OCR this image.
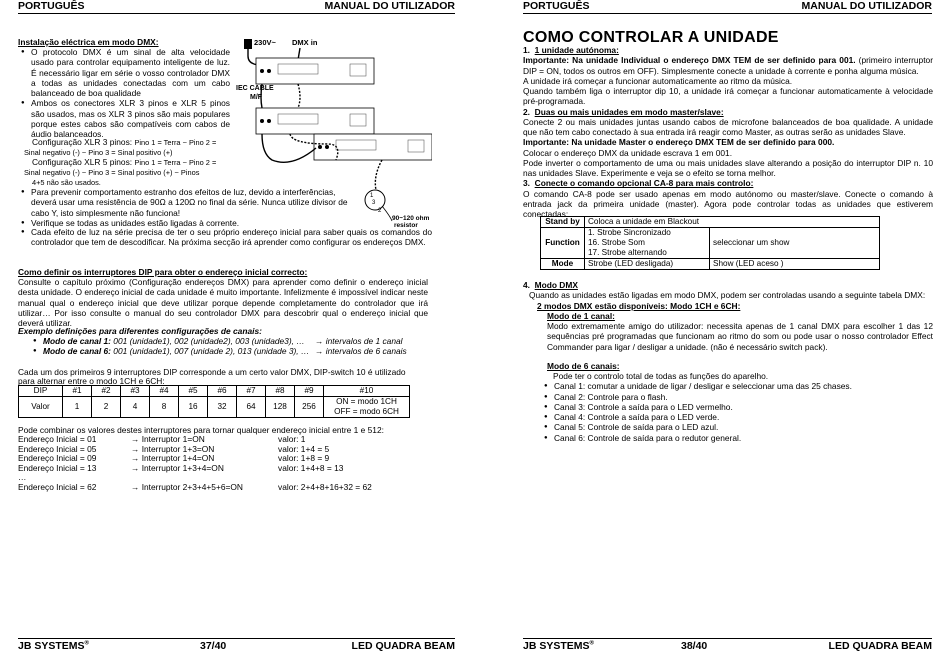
PORTUGUÊS	MANUAL DO UTILIZADOR

Instalação eléctrica em modo DMX:

● O protocolo DMX é um sinal de alta velocidade usado para controlar equipamento inteligente de luz. É necessário ligar em série o vosso controlador DMX a todas as unidades conectadas com um cabo balanceado de boa qualidade
● Ambos os conectores XLR 3 pinos e XLR 5 pinos são usados, mas os XLR 3 pinos são mais populares porque estes cabos são compatíveis com cabos de áudio balanceados.

Configuração XLR 3 pinos: Pino 1 = Terra ~ Pino 2 =

Sinal negativo (-) ~ Pino 3 = Sinal positivo (+)

Configuração XLR 5 pinos: Pino 1 = Terra ~ Pino 2 =

Sinal negativo (-) ~ Pino 3 = Sinal positivo (+) ~ Pinos

4+5 não são usados.

● Para prevenir comportamento estranho dos efeitos de luz, devido a interferências, deverá usar uma resistência de 90Ω a 120Ω no final da série. Nunca utilize divisor de cabo Y, isto simplesmente não funciona!
● Verifique se todas as unidades estão ligadas à corrente.
● Cada efeito de luz na série precisa de ter o seu próprio endereço inicial para saber quais os comandos do controlador que tem de descodificar. Na próxima secção irá aprender como configurar os endereços DMX.
230V~ DMX in
IEC CABLE
M/F
1
3
2
90~120 ohm
resistor

Como definir os interruptores DIP para obter o endereço inicial correcto:

Consulte o capítulo próximo (Configuração endereços DMX) para aprender como definir o endereço inicial desta unidade. O endereço inicial de cada unidade é muito importante. Infelizmente é impossível indicar neste manual qual o endereço inicial que deve utilizar porque depende completamente do controlador que irá utilizar… Por isso consulte o manual do seu controlador DMX para descobrir qual o endereço inicial que deverá utilizar.

Exemplo definições para diferentes configurações de canais:

● Modo de canal 1: 001 (unidade1), 002 (unidade2), 003 (unidade3), … → intervalos de 1 canal
● Modo de canal 6: 001 (unidade1), 007 (unidade 2), 013 (unidade 3), … → intervalos de 6 canais

Cada um dos primeiros 9 interruptores DIP corresponde a um certo valor DMX, DIP-switch 10 é utilizado

para alternar entre o modo 1CH e 6CH:

DIP	#1	#2	#3	#4	#5	#6	#7	#8	#9	#10
Valor	1	2	4	8	16	32	64	128	256	ON = modo 1CH
OFF = modo 6CH

Pode combinar os valores destes interruptores para tornar qualquer endereço inicial entre 1 e 512:

Endereço Inicial = 01	→ Interruptor 1=ON	valor: 1
Endereço Inicial = 05	→ Interruptor 1+3=ON	valor: 1+4 = 5
Endereço Inicial = 09	→ Interruptor 1+4=ON	valor: 1+8 = 9
Endereço Inicial = 13	→ Interruptor 1+3+4=ON	valor: 1+4+8 = 13
…
Endereço Inicial = 62	→ Interruptor 2+3+4+5+6=ON	valor: 2+4+8+16+32 = 62
JB SYSTEMS®	37/40	LED QUADRA BEAM
PORTUGUÊS	MANUAL DO UTILIZADOR

COMO CONTROLAR A UNIDADE

1. 1 unidade autónoma:

Importante: Na unidade Individual o endereço DMX TEM de ser definido para 001. (primeiro interruptor DIP = ON, todos os outros em OFF). Simplesmente conecte a unidade à corrente e ponha alguma música.

A unidade irá começar a funcionar automaticamente ao ritmo da música.

Quando também liga o interruptor dip 10, a unidade irá começar a funcionar automaticamente à velocidade pré-programada.

2. Duas ou mais unidades em modo master/slave:

Conecte 2 ou mais unidades juntas usando cabos de microfone balanceados de boa qualidade. A unidade que não tem cabo conectado à sua entrada irá reagir como Master, as outras serão as unidades Slave.

Importante: Na unidade Master o endereço DMX TEM de ser definido para 000.

Colocar o endereço DMX da unidade escrava 1 em 001.

Pode inverter o comportamento de uma ou mais unidades slave alterando a posição do interruptor DIP n. 10 nas unidades Slave. Experimente e veja se o efeito se torna melhor.

3. Conecte o comando opcional CA-8 para mais controlo:

O comando CA-8 pode ser usado apenas em modo autónomo ou master/slave. Conecte o comando à entrada jack da primeira unidade (master). Agora pode controlar todas as unidades que estiverem conectadas:

Stand by	Coloca a unidade em Blackout	
Function	1. Strobe Sincronizado
16. Strobe Som
17. Strobe alternando	seleccionar um show
Mode	Strobe (LED desligada)	Show (LED aceso )

4. Modo DMX

Quando as unidades estão ligadas em modo DMX, podem ser controladas usando a seguinte tabela DMX:

2 modos DMX estão disponíveis: Modo 1CH e 6CH:

Modo de 1 canal:

Modo extremamente amigo do utilizador: necessita apenas de 1 canal DMX para escolher 1 das 12 sequências pré programadas que funcionam ao ritmo do som ou pode usar o nosso controlador Effect Commander para ligar / desligar a unidade. (não é necessário switch pack).

Modo de 6 canais:

Pode ter o controlo total de todas as funções do aparelho.

● Canal 1: comutar a unidade de ligar / desligar e seleccionar uma das 25 chases.
● Canal 2: Controle para o flash.
● Canal 3: Controle a saída para o LED vermelho.
● Canal 4: Controle a saída para o LED verde.
● Canal 5: Controle de saída para o LED azul.
● Canal 6: Controle de saída para o redutor general.
JB SYSTEMS®	38/40	LED QUADRA BEAM
